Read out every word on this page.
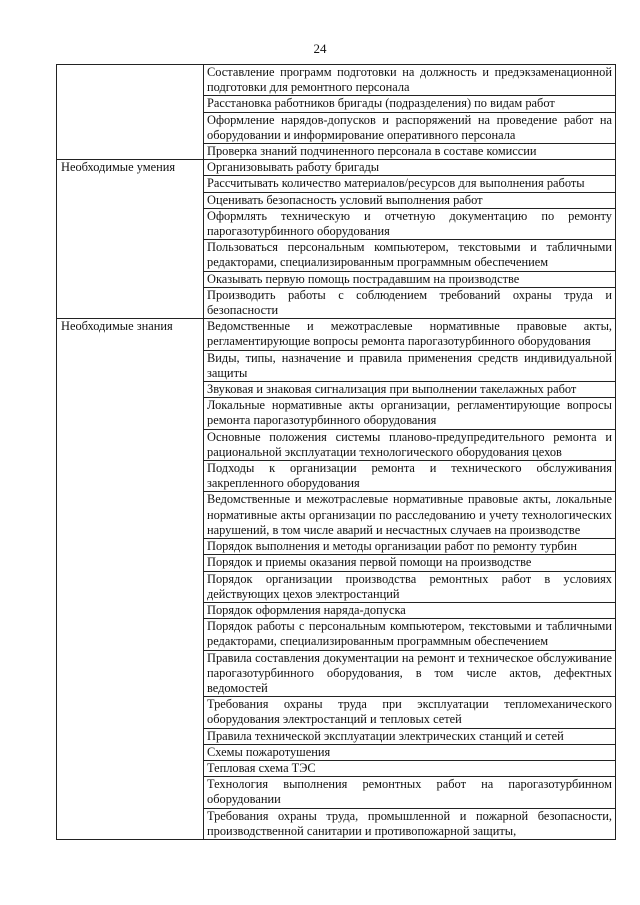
24
	Составление программ подготовки на должность и предэкзаменационной подготовки для ремонтного персонала
	Расстановка работников бригады (подразделения) по видам работ
	Оформление нарядов-допусков и распоряжений на проведение работ на оборудовании и информирование оперативного персонала
	Проверка знаний подчиненного персонала в составе комиссии
Необходимые умения	Организовывать работу бригады
	Рассчитывать количество материалов/ресурсов для выполнения работы
	Оценивать безопасность условий выполнения работ
	Оформлять техническую и отчетную документацию по ремонту парогазотурбинного оборудования
	Пользоваться персональным компьютером, текстовыми и табличными редакторами, специализированным программным обеспечением
	Оказывать первую помощь пострадавшим на производстве
	Производить работы с соблюдением требований охраны труда и безопасности
Необходимые знания	Ведомственные и межотраслевые нормативные правовые акты, регламентирующие вопросы ремонта парогазотурбинного оборудования
	Виды, типы, назначение и правила применения средств индивидуальной защиты
	Звуковая и знаковая сигнализация при выполнении такелажных работ
	Локальные нормативные акты организации, регламентирующие вопросы ремонта парогазотурбинного оборудования
	Основные положения системы планово-предупредительного ремонта и рациональной эксплуатации технологического оборудования цехов
	Подходы к организации ремонта и технического обслуживания закрепленного оборудования
	Ведомственные и межотраслевые нормативные правовые акты, локальные нормативные акты организации по расследованию и учету технологических нарушений, в том числе аварий и несчастных случаев на производстве
	Порядок выполнения и методы организации работ по ремонту турбин
	Порядок и приемы оказания первой помощи на производстве
	Порядок организации производства ремонтных работ в условиях действующих цехов электростанций
	Порядок оформления наряда-допуска
	Порядок работы с персональным компьютером, текстовыми и табличными редакторами, специализированным программным обеспечением
	Правила составления документации на ремонт и техническое обслуживание парогазотурбинного оборудования, в том числе актов, дефектных ведомостей
	Требования охраны труда при эксплуатации тепломеханического оборудования электростанций и тепловых сетей
	Правила технической эксплуатации электрических станций и сетей
	Схемы пожаротушения
	Тепловая схема ТЭС
	Технология выполнения ремонтных работ на парогазотурбинном оборудовании
	Требования охраны труда, промышленной и пожарной безопасности, производственной санитарии и противопожарной защиты,
